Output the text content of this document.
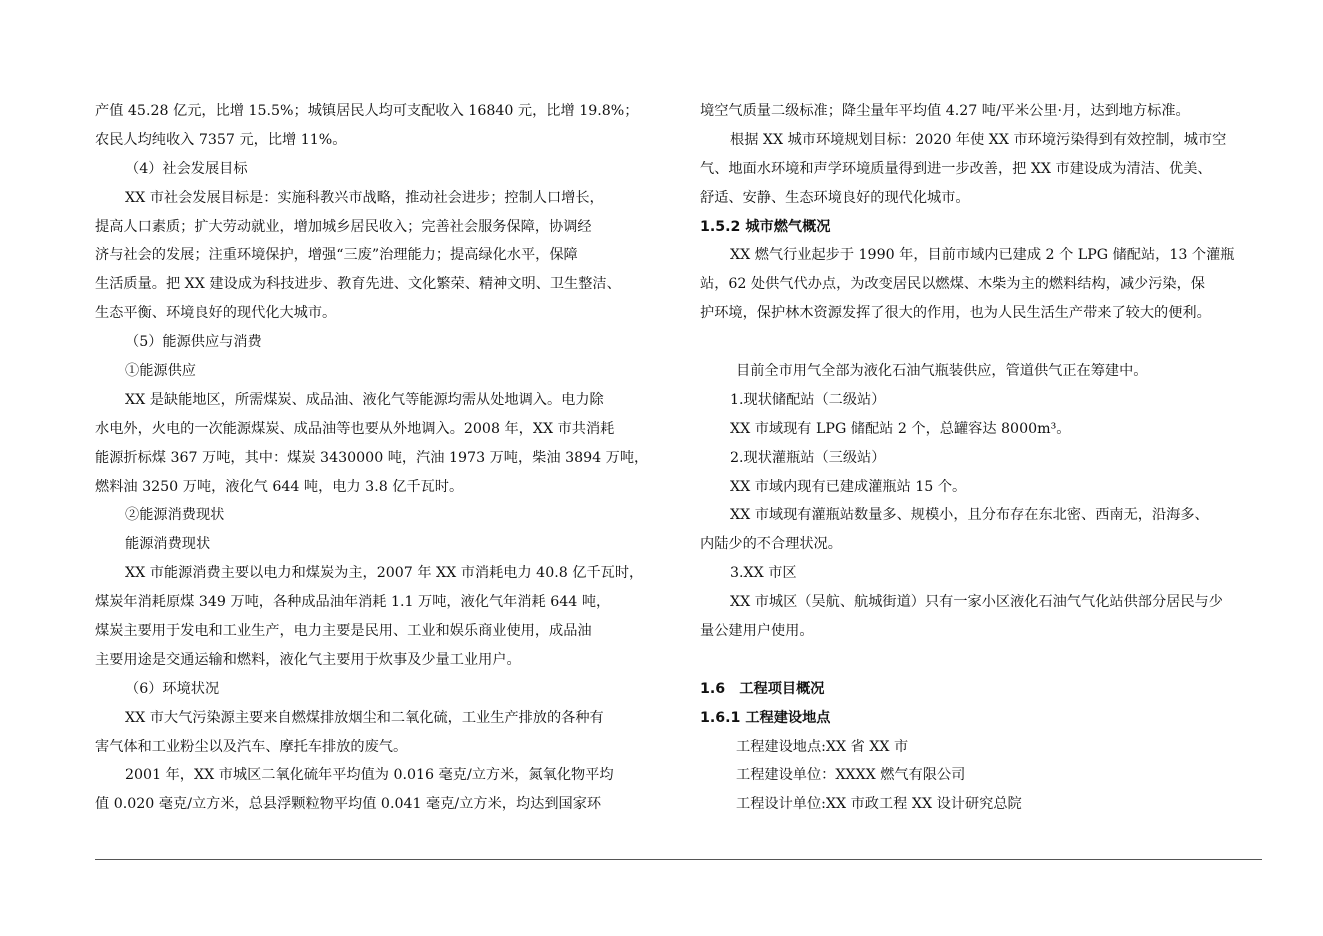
产值 45.28 亿元，比增 15.5%；城镇居民人均可支配收入 16840 元，比增 19.8%；
农民人均纯收入 7357 元，比增 11%。
（4）社会发展目标
XX 市社会发展目标是：实施科教兴市战略，推动社会进步；控制人口增长，
提高人口素质；扩大劳动就业，增加城乡居民收入；完善社会服务保障，协调经
济与社会的发展；注重环境保护，增强“三废”治理能力；提高绿化水平，保障
生活质量。把 XX 建设成为科技进步、教育先进、文化繁荣、精神文明、卫生整洁、
生态平衡、环境良好的现代化大城市。
（5）能源供应与消费
①能源供应
XX 是缺能地区，所需煤炭、成品油、液化气等能源均需从处地调入。电力除
水电外，火电的一次能源煤炭、成品油等也要从外地调入。2008 年，XX 市共消耗
能源折标煤 367 万吨，其中：煤炭 3430000 吨，汽油 1973 万吨，柴油 3894 万吨，
燃料油 3250 万吨，液化气 644 吨，电力 3.8 亿千瓦时。
②能源消费现状
能源消费现状
XX 市能源消费主要以电力和煤炭为主，2007 年 XX 市消耗电力 40.8 亿千瓦时，
煤炭年消耗原煤 349 万吨，各种成品油年消耗 1.1 万吨，液化气年消耗 644 吨，
煤炭主要用于发电和工业生产，电力主要是民用、工业和娱乐商业使用，成品油
主要用途是交通运输和燃料，液化气主要用于炊事及少量工业用户。
（6）环境状况
XX 市大气污染源主要来自燃煤排放烟尘和二氧化硫，工业生产排放的各种有
害气体和工业粉尘以及汽车、摩托车排放的废气。
2001 年，XX 市城区二氧化硫年平均值为 0.016 毫克/立方米，氮氧化物平均
值 0.020 毫克/立方米，总县浮颗粒物平均值 0.041 毫克/立方米，均达到国家环
境空气质量二级标准；降尘量年平均值 4.27 吨/平米公里·月，达到地方标准。
根据 XX 城市环境规划目标：2020 年使 XX 市环境污染得到有效控制，城市空
气、地面水环境和声学环境质量得到进一步改善，把 XX 市建设成为清洁、优美、
舒适、安静、生态环境良好的现代化城市。
1.5.2 城市燃气概况
XX 燃气行业起步于 1990 年，目前市域内已建成 2 个 LPG 储配站，13 个灌瓶
站，62 处供气代办点，为改变居民以燃煤、木柴为主的燃料结构，减少污染，保
护环境，保护林木资源发挥了很大的作用，也为人民生活生产带来了较大的便利。
目前全市用气全部为液化石油气瓶装供应，管道供气正在筹建中。
1.现状储配站（二级站）
XX 市域现有 LPG 储配站 2 个，总罐容达 8000m³。
2.现状灌瓶站（三级站）
XX 市域内现有已建成灌瓶站 15 个。
XX 市域现有灌瓶站数量多、规模小，且分布存在东北密、西南无，沿海多、
内陆少的不合理状况。
3.XX 市区
XX 市城区（吴航、航城街道）只有一家小区液化石油气气化站供部分居民与少
量公建用户使用。
1.6　工程项目概况
1.6.1 工程建设地点
工程建设地点:XX 省 XX 市
工程建设单位：XXXX 燃气有限公司
工程设计单位:XX 市政工程 XX 设计研究总院
